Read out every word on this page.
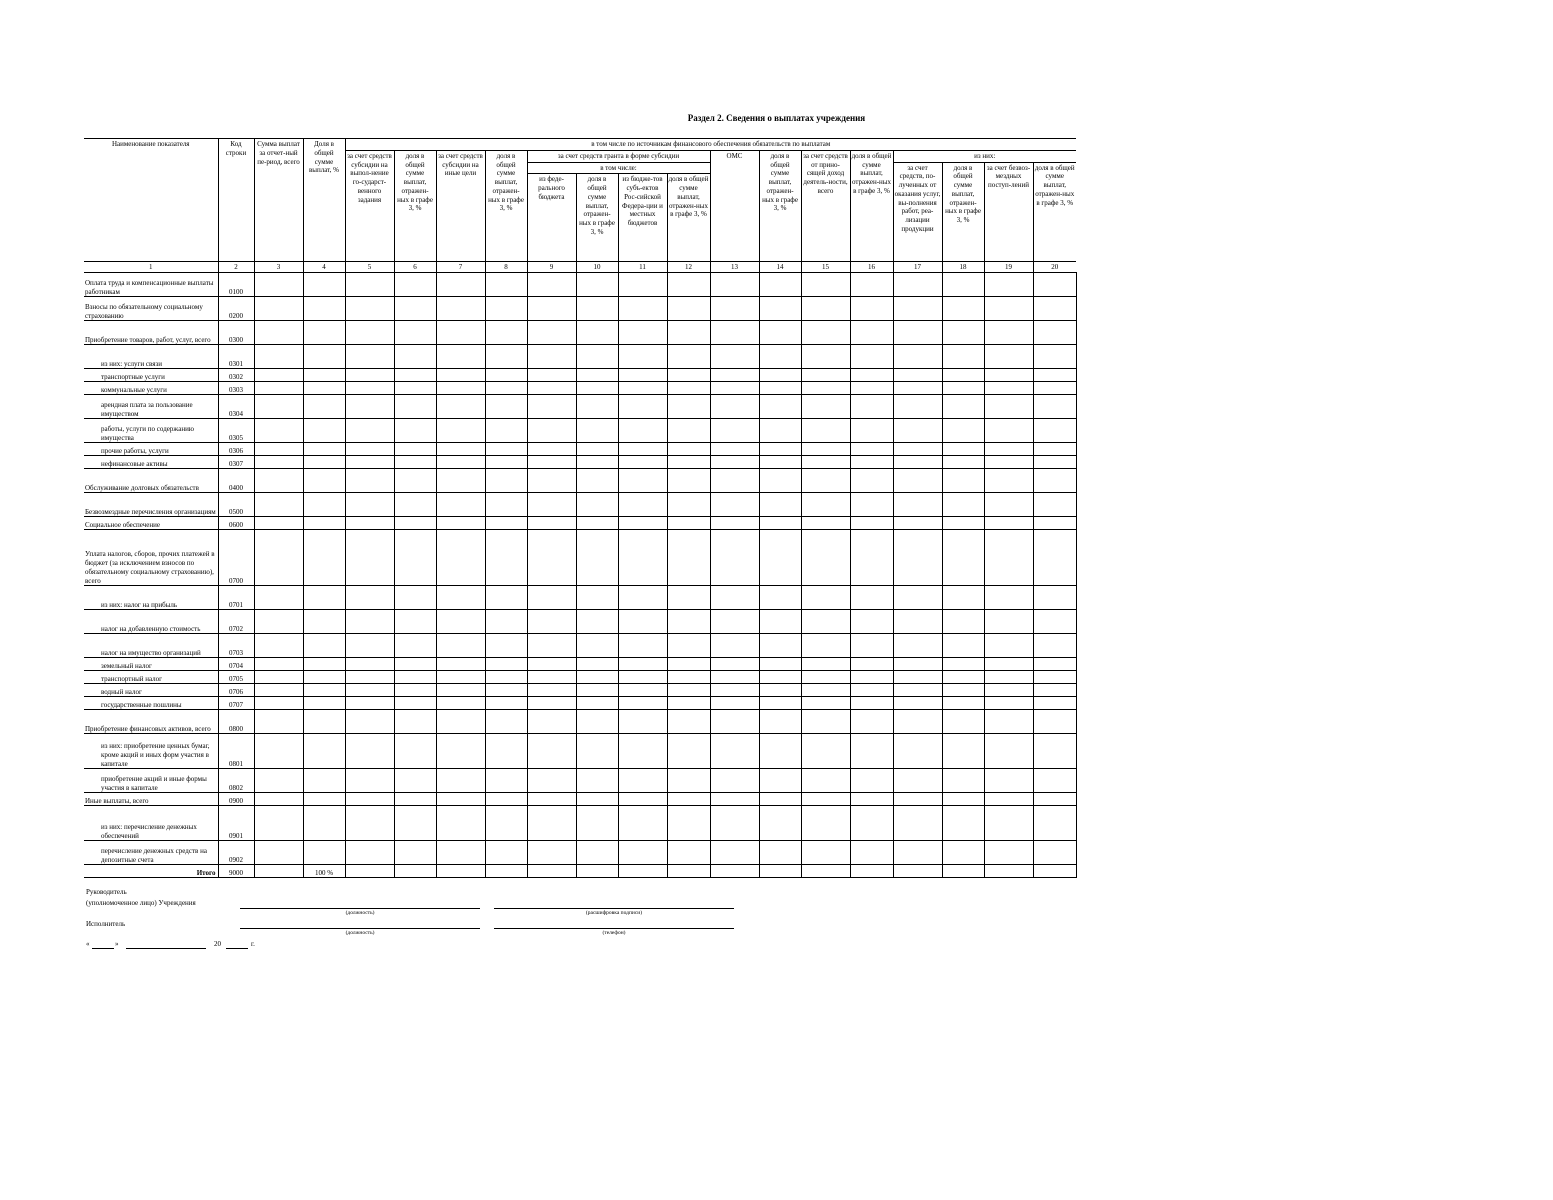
Раздел 2. Сведения о выплатах учреждения
Наименование показателя	Код строки	Сумма выплат за отчет-ный пе-риод, всего	Доля в общей сумме выплат, %	в том числе по источникам финансового обеспечения обязательств по выплатам															
				за счет средств субсидии на выпол-нение го-сударст-венного задания	доля в общей сумме выплат, отражен-ных в графе 3, %	за счет средств субсидии на иные цели	доля в общей сумме выплат, отражен-ных в графе 3, %	за счет средств гранта в форме субсидии				ОМС	доля в общей сумме выплат, отражен-ных в графе 3, %	за счет средств от прино-сящей доход деятель-ности, всего	доля в общей сумме выплат, отражен-ных в графе 3, %	из них:			
								в том числе:								за счет средств, по-лученных от оказания услуг, вы-полнения работ, реа-лизации продукции	доля в общей сумме выплат, отражен-ных в графе 3, %	за счет безвоз-мездных поступ-лений	доля в общей сумме выплат, отражен-ных в графе 3, %
								из феде-рального бюджета	доля в общей сумме выплат, отражен-ных в графе 3, %	из бюдже-тов субъ-ектов Рос-сийской Федера-ции и местных бюджетов	доля в общей сумме выплат, отражен-ных в графе 3, %								
1	2	3	4	5	6	7	8	9	10	11	12	13	14	15	16	17	18	19	20
Оплата труда и компенсационные выплаты работникам	0100																		
Взносы по обязательному социальному страхованию	0200																		
Приобретение товаров, работ, услуг, всего	0300																		
из них: услуги связи	0301																		
транспортные услуги	0302																		
коммунальные услуги	0303																		
арендная плата за пользование имуществом	0304																		
работы, услуги по содержанию имущества	0305																		
прочие работы, услуги	0306																		
нефинансовые активы	0307																		
Обслуживание долговых обязательств	0400																		
Безвозмездные перечисления организациям	0500																		
Социальное обеспечение	0600																		
Уплата налогов, сборов, прочих платежей в бюджет (за исключением взносов по обязательному социальному страхованию), всего	0700																		
из них: налог на прибыль	0701																		
налог на добавленную стоимость	0702																		
налог на имущество организаций	0703																		
земельный налог	0704																		
транспортный налог	0705																		
водный налог	0706																		
государственные пошлины	0707																		
Приобретение финансовых активов, всего	0800																		
из них: приобретение ценных бумаг, кроме акций и иных форм участия в капитале	0801																		
приобретение акций и иные формы участия в капитале	0802																		
Иные выплаты, всего	0900																		
из них: перечисление денежных обеспечений	0901																		
перечисление денежных средств на депозитные счета	0902																		
Итого	9000		100 %																
Руководитель
(уполномоченное лицо) Учреждения
(должность)	(расшифровка подписи)
Исполнитель
(должность)	(телефон)
«	»	20	г.
